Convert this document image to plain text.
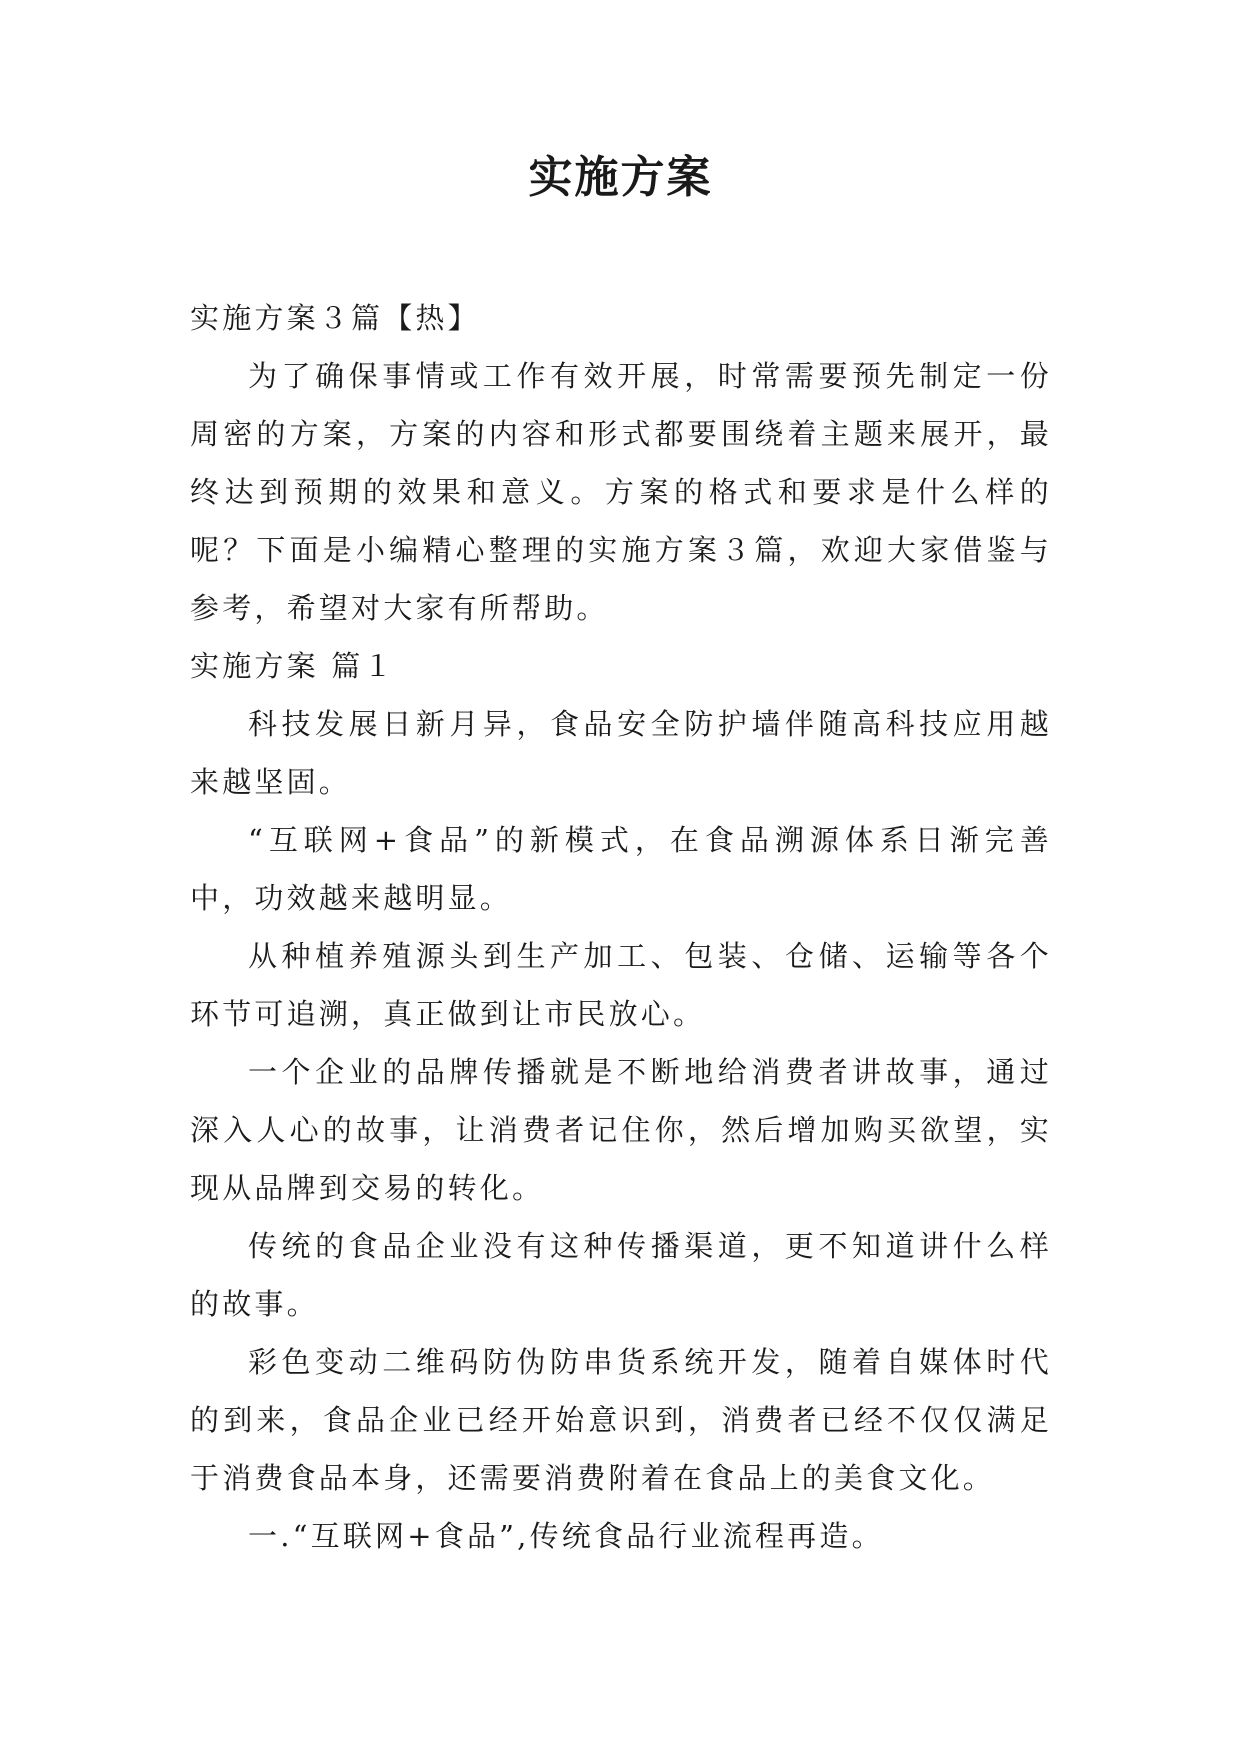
实施方案

实施方案３篇【热】

为了确保事情或工作有效开展，时常需要预先制定一份周密的方案，方案的内容和形式都要围绕着主题来展开，最终达到预期的效果和意义。方案的格式和要求是什么样的呢？下面是小编精心整理的实施方案３篇，欢迎大家借鉴与参考，希望对大家有所帮助。

实施方案 篇１

科技发展日新月异，食品安全防护墙伴随高科技应用越来越坚固。

“互联网+食品”的新模式，在食品溯源体系日渐完善中，功效越来越明显。

从种植养殖源头到生产加工、包装、仓储、运输等各个环节可追溯，真正做到让市民放心。

一个企业的品牌传播就是不断地给消费者讲故事，通过深入人心的故事，让消费者记住你，然后增加购买欲望，实现从品牌到交易的转化。

传统的食品企业没有这种传播渠道，更不知道讲什么样的故事。

彩色变动二维码防伪防串货系统开发，随着自媒体时代的到来，食品企业已经开始意识到，消费者已经不仅仅满足于消费食品本身，还需要消费附着在食品上的美食文化。

一.“互联网+食品”,传统食品行业流程再造。
